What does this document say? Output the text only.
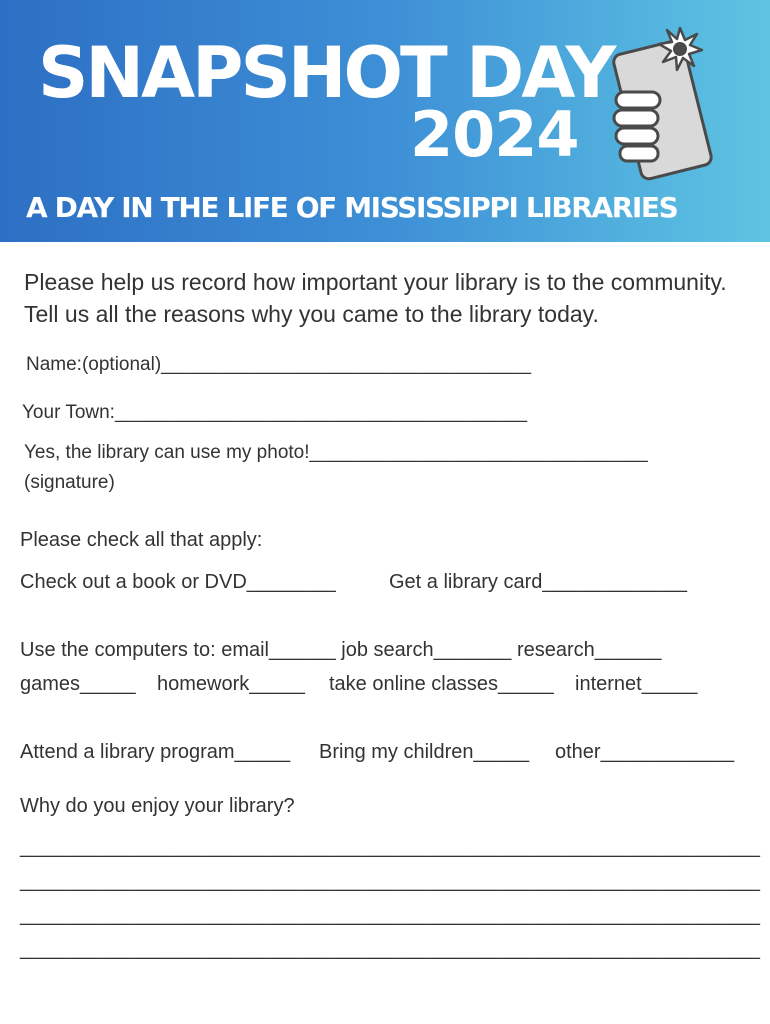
SNAPSHOT DAY
2024
A DAY IN THE LIFE OF MISSISSIPPI LIBRARIES
Please help us record how important your library is to the community.
Tell us all the reasons why you came to the library today.
Name:(optional)___________________________________
Your Town:_______________________________________
Yes, the library can use my photo!________________________________
(signature)
Please check all that apply:
Check out a book or DVD________	Get a library card_____________
Use the computers to: email______ job search_______ research______
games_____ homework_____ take online classes_____ internet_____
Attend a library program_____ Bring my children_____ other____________
Why do you enjoy your library?
______________________________________________________________________
______________________________________________________________________
______________________________________________________________________
______________________________________________________________________
